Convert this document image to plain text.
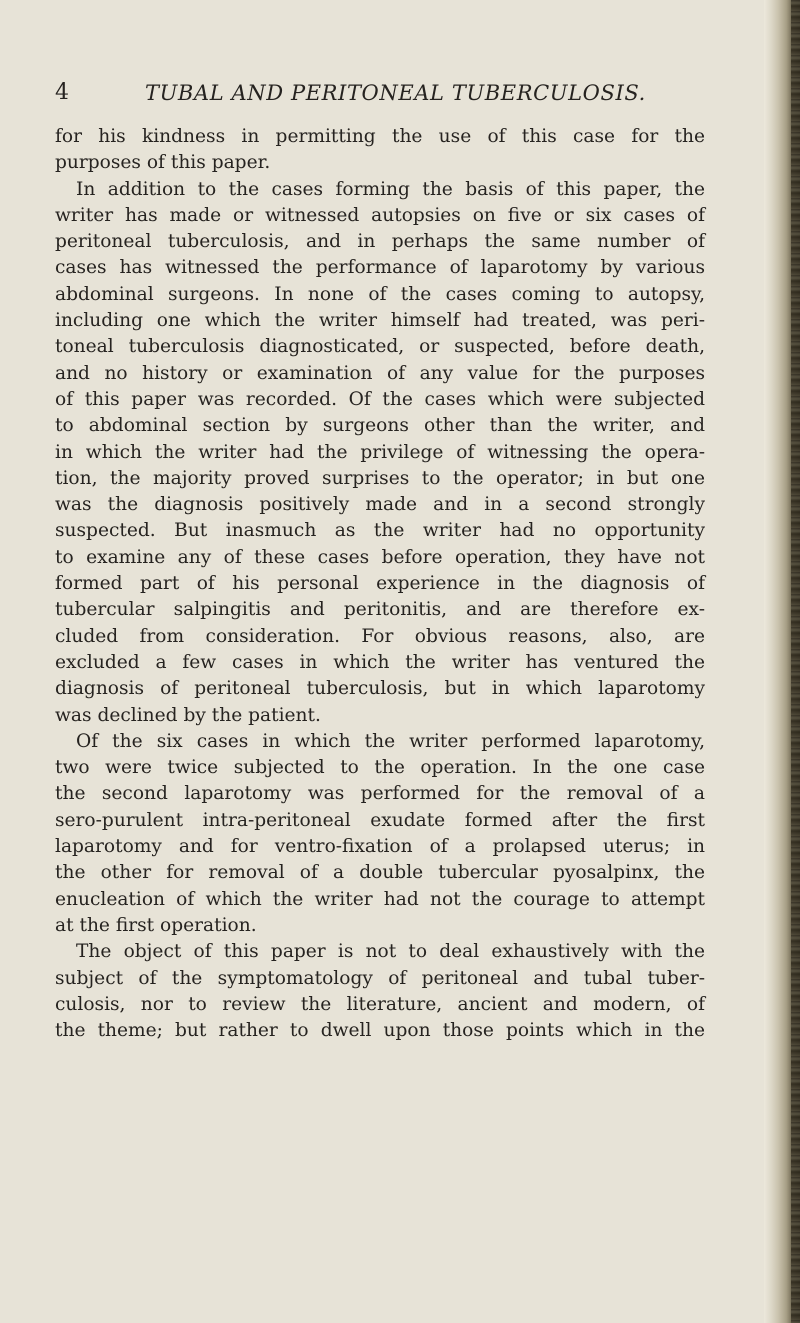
4	TUBAL AND PERITONEAL TUBERCULOSIS.
for his kindness in permitting the use of this case for the
purposes of this paper.
In addition to the cases forming the basis of this paper, the
writer has made or witnessed autopsies on five or six cases of
peritoneal tuberculosis, and in perhaps the same number of
cases has witnessed the performance of laparotomy by various
abdominal surgeons. In none of the cases coming to autopsy,
including one which the writer himself had treated, was peri-
toneal tuberculosis diagnosticated, or suspected, before death,
and no history or examination of any value for the purposes
of this paper was recorded. Of the cases which were subjected
to abdominal section by surgeons other than the writer, and
in which the writer had the privilege of witnessing the opera-
tion, the majority proved surprises to the operator; in but one
was the diagnosis positively made and in a second strongly
suspected. But inasmuch as the writer had no opportunity
to examine any of these cases before operation, they have not
formed part of his personal experience in the diagnosis of
tubercular salpingitis and peritonitis, and are therefore ex-
cluded from consideration. For obvious reasons, also, are
excluded a few cases in which the writer has ventured the
diagnosis of peritoneal tuberculosis, but in which laparotomy
was declined by the patient.
Of the six cases in which the writer performed laparotomy,
two were twice subjected to the operation. In the one case
the second laparotomy was performed for the removal of a
sero-purulent intra-peritoneal exudate formed after the first
laparotomy and for ventro-fixation of a prolapsed uterus; in
the other for removal of a double tubercular pyosalpinx, the
enucleation of which the writer had not the courage to attempt
at the first operation.
The object of this paper is not to deal exhaustively with the
subject of the symptomatology of peritoneal and tubal tuber-
culosis, nor to review the literature, ancient and modern, of
the theme; but rather to dwell upon those points which in the
